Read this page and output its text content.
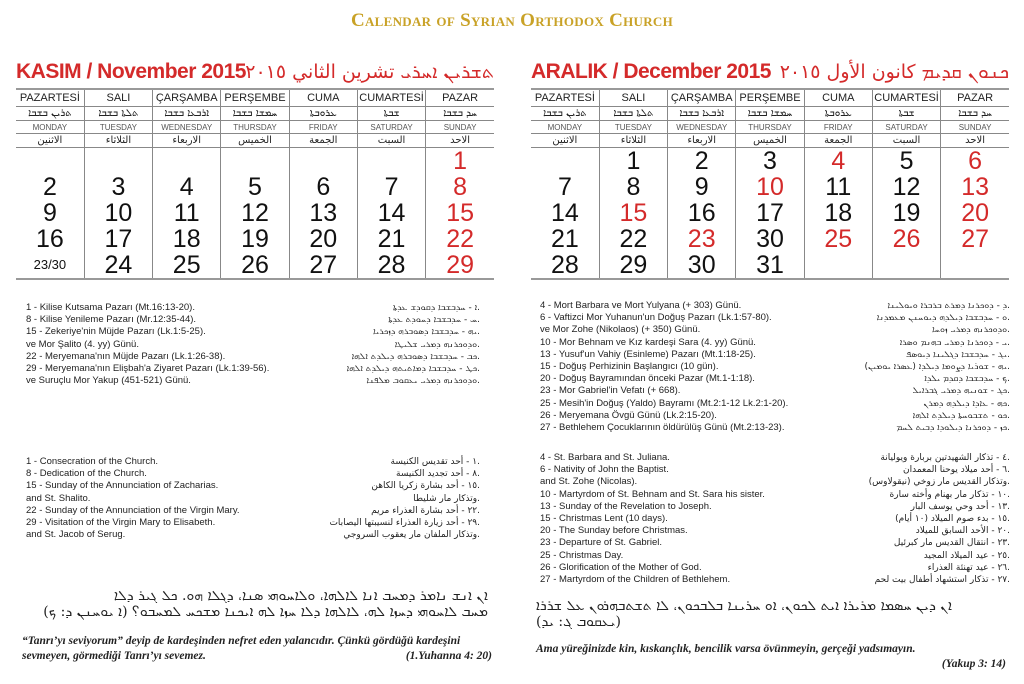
Calendar of Syrian Orthodox Church
KASIM / November 2015 ܬܫܪܝܢ ܐܚܪܝ تشرين الثاني ٢٠١٥
PAZARTESİ	SALI	ÇARŞAMBA	PERŞEMBE	CUMA	CUMARTESİ	PAZAR
ܬܪܝܢ ܒܫܒܐ	ܬܠܬܐ ܒܫܒܐ	ܐܪܒܥܐ ܒܫܒܐ	ܚܡܫܐ ܒܫܒܐ	ܥܪܘܒܬܐ	ܫܒܬܐ	ܚܕ ܒܫܒܐ
MONDAY	TUESDAY	WEDNESDAY	THURSDAY	FRIDAY	SATURDAY	SUNDAY
الاثنين	الثلاثاء	الاربعاء	الخميس	الجمعة	السبت	الاحد
						1
2	3	4	5	6	7	8
9	10	11	12	13	14	15
16	17	18	19	20	21	22
23/30	24	25	26	27	28	29
ARALIK / December 2015 ܟܢܘܢ ܩܕܝܡ كانون الأول ٢٠١٥
PAZARTESİ	SALI	ÇARŞAMBA	PERŞEMBE	CUMA	CUMARTESİ	PAZAR
ܬܪܝܢ ܒܫܒܐ	ܬܠܬܐ ܒܫܒܐ	ܐܪܒܥܐ ܒܫܒܐ	ܚܡܫܐ ܒܫܒܐ	ܥܪܘܒܬܐ	ܫܒܬܐ	ܚܕ ܒܫܒܐ
MONDAY	TUESDAY	WEDNESDAY	THURSDAY	FRIDAY	SATURDAY	SUNDAY
الاثنين	الثلاثاء	الاربعاء	الخميس	الجمعة	السبت	الاحد
	1	2	3	4	5	6
7	8	9	10	11	12	13
14	15	16	17	18	19	20
21	22	23	30	25	26	27
28	29	30	31			
1 - Kilise Kutsama Pazarı (Mt.16:13-20).
8 - Kilise Yenileme Pazarı (Mr.12:35-44).
15 - Zekeriye'nin Müjde Pazarı (Lk.1:5-25).
ve Mor Şalito (4. yy) Günü.
22 - Meryemana'nın Müjde Pazarı (Lk.1:26-38).
29 - Meryemana'nın Elişbah'a Ziyaret Pazarı (Lk.1:39-56).
ve Suruçlu Mor Yakup (451-521) Günü.
ܐ - ܚܕܒܫܒܐ ܕܩܘܕܫ ܥܕܬܐ.
ܚ - ܚܕܒܫܒܐ ܕܚܘܕܬ ܥܕܬܐ.
ܝܗ - ܚܕܒܫܒܐ ܕܣܘܒܪܗ ܕܙܟܪܝܐ.
ܘܕܘܟܪܢܗ ܕܡܪܝ ܫܠܝܛܐ.
ܟܒ - ܚܕܒܫܒܐ ܕܣܘܒܪܗ ܕܝܠܕܬ ܐܠܗܐ.
ܟܛ - ܚܕܒܫܒܐ ܕܡܐܬܝܬܗ ܕܝܠܕܬ ܐܠܗܐ.
ܘܕܘܟܪܢܗ ܕܡܪܝ ܝܥܩܘܒ ܡܠܦܢܐ.
1 - Consecration of the Church.
8 - Dedication of the Church.
15 - Sunday of the Annunciation of Zacharias.
and St. Shalito.
22 - Sunday of the Annunciation of the Virgin Mary.
29 - Visitation of the Virgin Mary to Elisabeth.
and St. Jacob of Serug.
١ - أحد تقديس الكنيسة.
٨ - أحد تجديد الكنيسة.
١٥ - أحد بشارة زكريا الكاهن.
وتذكار مار شليطا.
٢٢ - أحد بشارة العذراء مريم.
٢٩ - أحد زيارة العذراء لنسيبتها اليصابات.
وتذكار الملفان مار يعقوب السروجي.
ܐܢ ܐܢܫ ܢܐܡܪ ܕܡܚܒ ܐܢܐ ܠܐܠܗܐ، ܘܠܐܚܘܗܝ ܣܢܐ، ܕܓܠܐ ܗܘ. ܟܠ ܓܝܪ ܕܠܐ
ܡܚܒ ܠܐܚܘܗܝ ܕܚܙܐ ܠܗ، ܠܐܠܗܐ ܕܠܐ ܚܙܐ ܠܗ ܐܝܟܢܐ ܡܫܟܚ ܠܡܚܒܘ؟ (ܐ ܝܘܚܢܢ ܕ: ܟ)
“Tanrı’yı seviyorum” deyip de kardeşinden nefret eden yalancıdır. Çünkü gördüğü kardeşini sevmeyen, görmediği Tanrı’yı sevemez.	(1.Yuhanna 4: 20)
4 - Mort Barbara ve Mort Yulyana (+ 303) Günü.
6 - Vaftizci Mor Yuhanun'un Doğuş Pazarı (Lk.1:57-80).
ve Mor Zohe (Nikolaos) (+ 350) Günü.
10 - Mor Behnam ve Kız kardeşi Sara (4. yy) Günü.
13 - Yusuf'un Vahiy (Esinleme) Pazarı (Mt.1:18-25).
15 - Doğuş Perhizinin Başlangıcı (10 gün).
20 - Doğuş Bayramından önceki Pazar (Mt.1-1:18).
23 - Mor Gabriel'in Vefatı (+ 668).
25 - Mesih'in Doğuş (Yaldo) Bayramı (Mt.2:1-12 Lk.2:1-20).
26 - Meryemana Övgü Günü (Lk.2:15-20).
27 - Bethlehem Çocuklarının öldürülüş Günü (Mt.2:13-23).
ܕ - ܕܘܟܪܢܐ ܕܡܪܬ ܒܪܒܪܐ ܘܝܘܠܝܢܐ.
ܘ - ܚܕܒܫܒܐ ܕܝܠܕܗ ܕܝܘܚܢܢ ܡܥܡܕܢܐ.
ܘܕܘܟܪܢܗ ܕܡܪܝ ܙܘܚܐ.
ܝ - ܕܘܟܪܢܐ ܕܡܪܝ ܒܗܢܡ ܘܣܪܐ.
ܝܓ - ܚܕܒܫܒܐ ܕܓܠܝܢܐ ܕܝܘܣܦ.
ܝܗ - ܫܘܪܝܐ ܕܨܘܡܐ ܕܝܠܕܐ (ܥܣܪܐ ܝܘܡܝܢ).
ܟ - ܚܕܒܫܒܐ ܕܩܕܡ ܝܠܕܐ.
ܟܓ - ܫܘܢܝܗ ܕܡܪܝ ܓܒܪܐܝܠ.
ܟܗ - ܥܐܕܐ ܕܝܠܕܗ ܕܡܪܢ.
ܟܘ - ܬܫܒܘܚܬܐ ܕܝܠܕܬ ܐܠܗܐ.
ܟܙ - ܕܘܟܪܢܐ ܕܝܠܘܕܐ ܕܒܝܬ ܠܚܡ.
4 - St. Barbara and St. Juliana.
6 - Nativity of John the Baptist.
and St. Zohe (Nicolas).
10 - Martyrdom of St. Behnam and St. Sara his sister.
13 - Sunday of the Revelation to Joseph.
15 - Christmas Lent (10 days).
20 - The Sunday before Christmas.
23 - Departure of St. Gabriel.
25 - Christmas Day.
26 - Glorification of the Mother of God.
27 - Martyrdom of the Children of Bethlehem.
٤ - تذكار الشهيدتين بربارة ويوليانة.
٦ - أحد ميلاد يوحنا المعمدان.
وتذكار القديس مار زوخي (نيقولاوس).
١٠ - تذكار مار بهنام وأخته سارة.
١٣ - أحد وحي يوسف البار.
١٥ - بدء صوم الميلاد (١٠ أيام).
٢٠ - الأحد السابق للميلاد.
٢٣ - انتقال القديس مار كبرئيل.
٢٥ - عيد الميلاد المجيد.
٢٦ - عيد تهنئة العذراء.
٢٧ - تذكار استشهاد أطفال بيت لحم.
ܐܢ ܕܝܢ ܚܣܡܐ ܡܪܝܪܐ ܐܝܬ ܠܟܘܢ، ܐܘ ܚܪܝܢܐ ܒܠܒܟܘܢ، ܠܐ ܬܫܬܒܗܪܘܢ ܥܠ ܫܪܪܐ
(ܝܥܩܘܒ ܓ: ܝܕ)
Ama yüreğinizde kin, kıskançlık, bencilik varsa övünmeyin, gerçeği yadsımayın.
(Yakup 3: 14)
